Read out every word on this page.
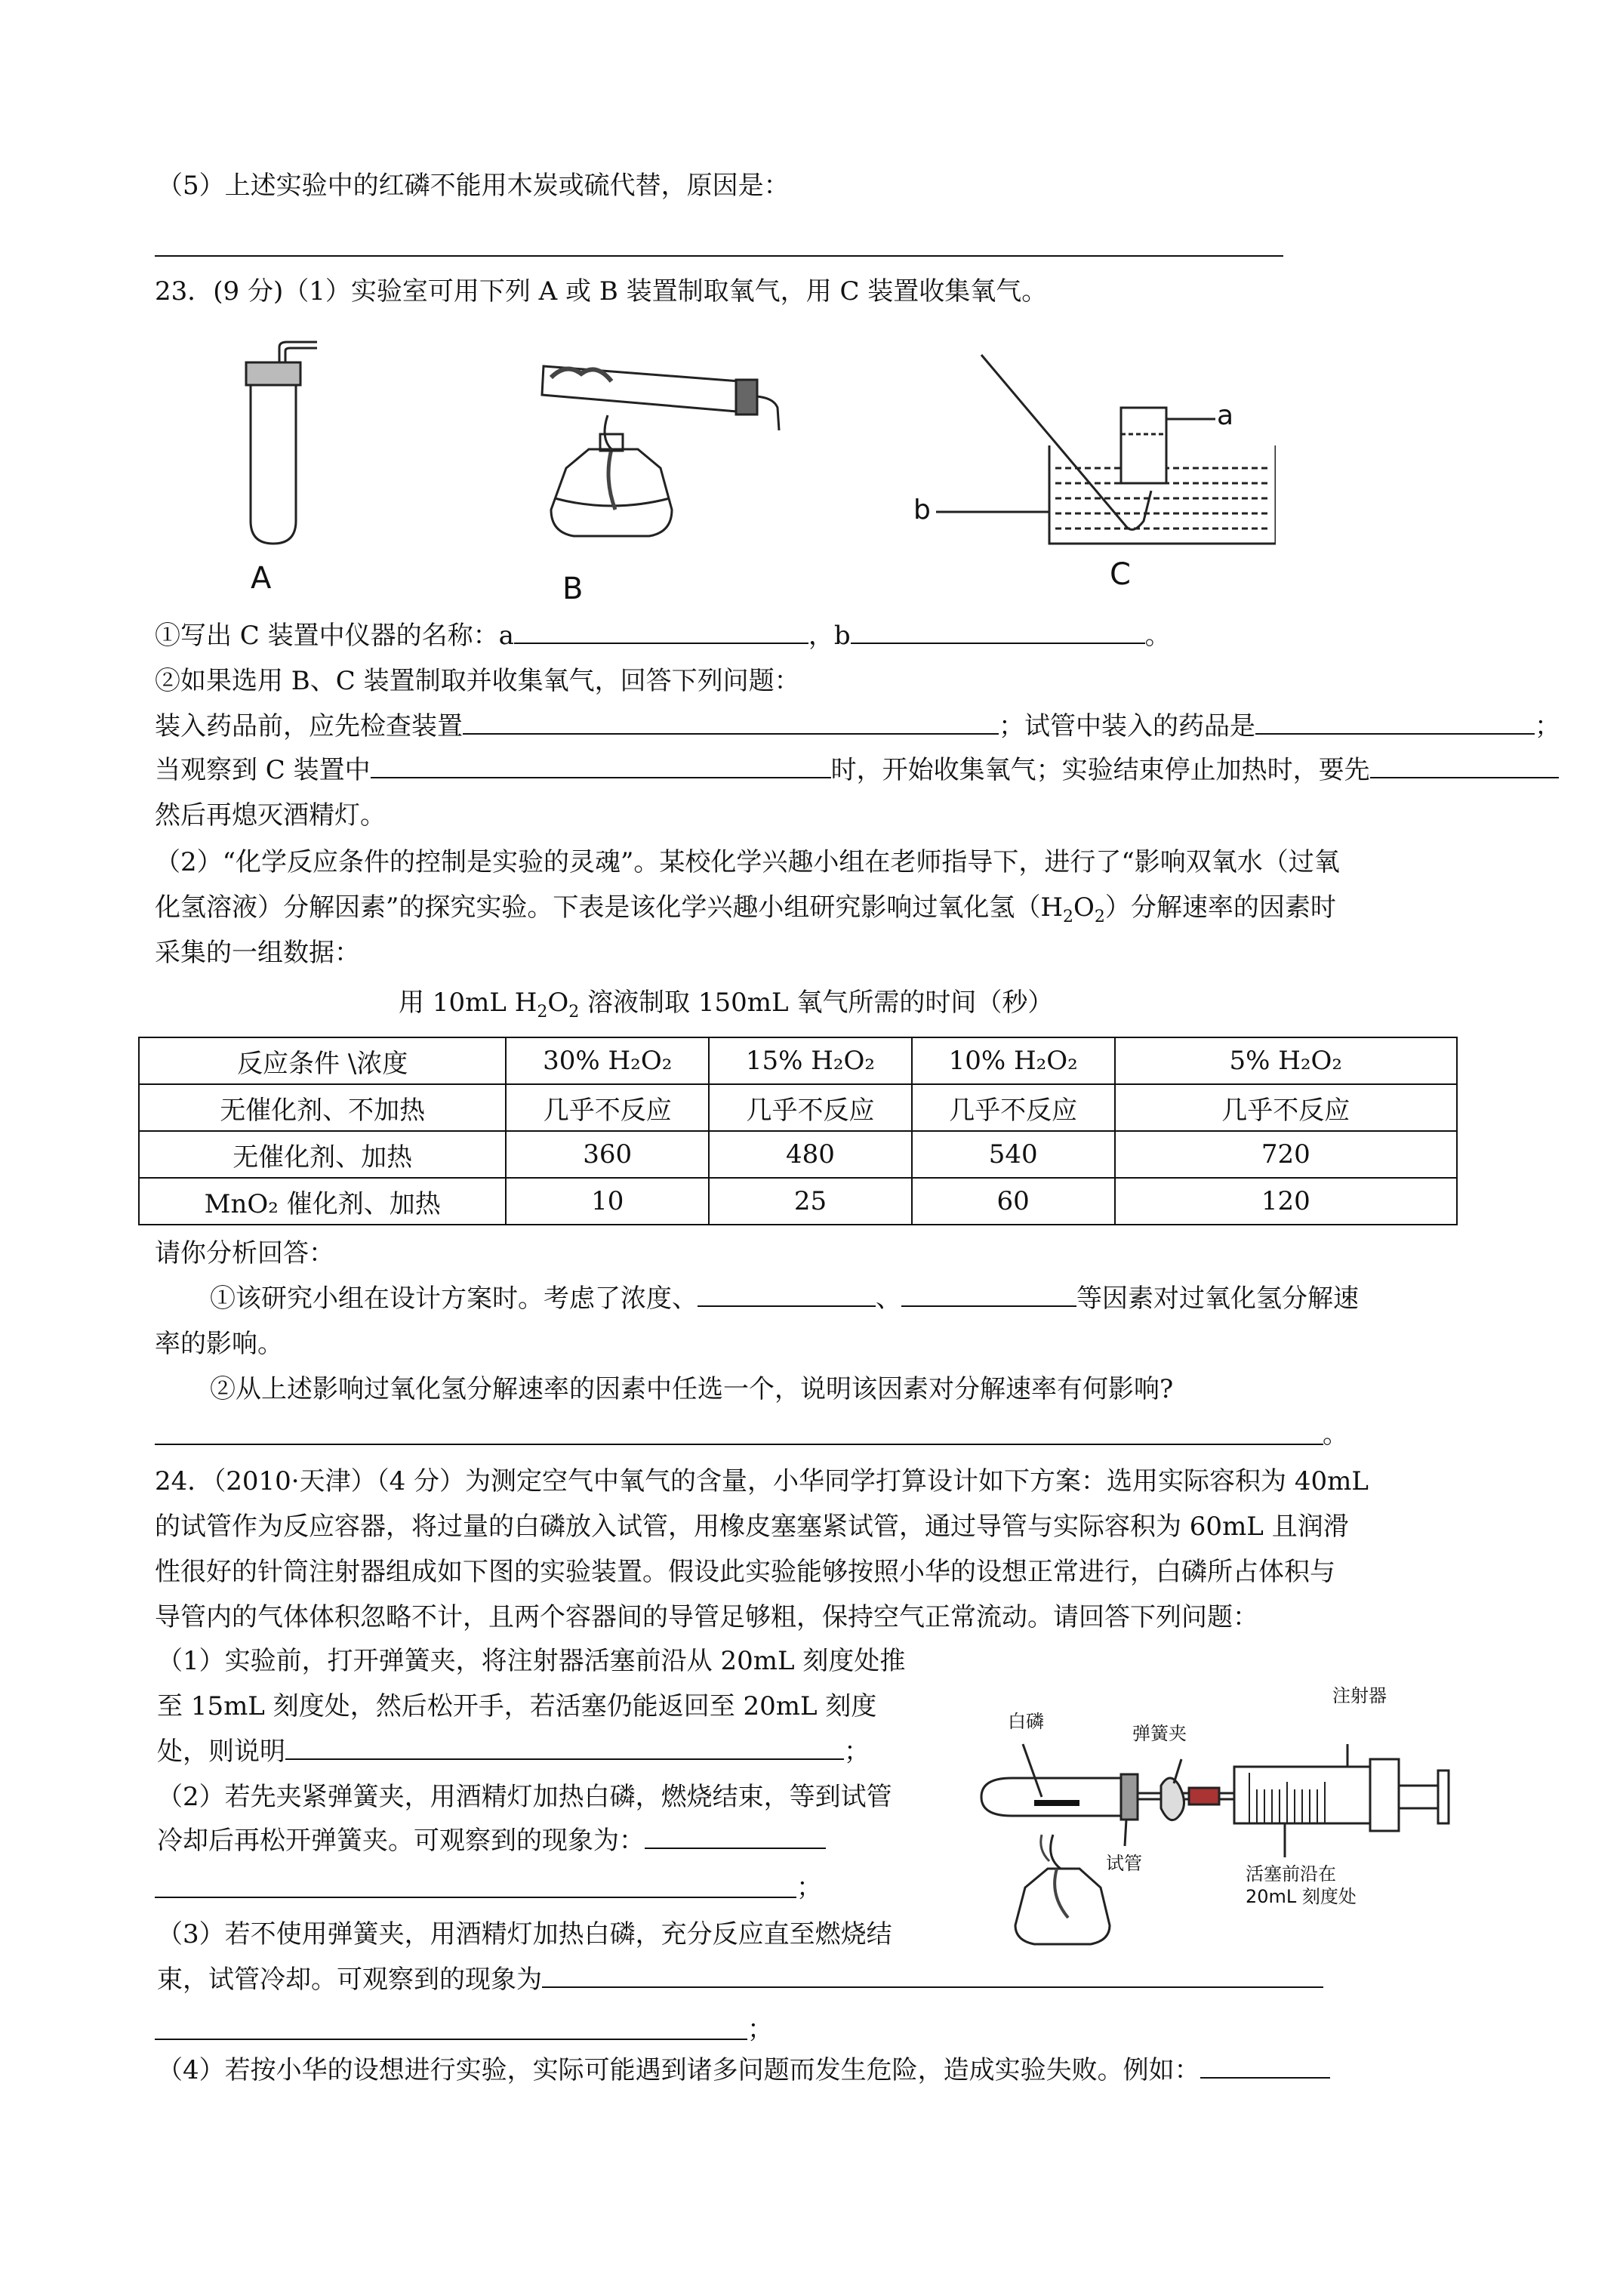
（5）上述实验中的红磷不能用木炭或硫代替，原因是：
23．(9 分)（1）实验室可用下列 A 或 B 装置制取氧气，用 C 装置收集氧气。
A	B	C
a
b
①写出 C 装置中仪器的名称：a	，b	。
②如果选用 B、C 装置制取并收集氧气，回答下列问题：
装入药品前，应先检查装置	；试管中装入的药品是	；
当观察到 C 装置中	时，开始收集氧气；实验结束停止加热时，要先
然后再熄灭酒精灯。
（2）“化学反应条件的控制是实验的灵魂”。某校化学兴趣小组在老师指导下，进行了“影响双氧水（过氧
化氢溶液）分解因素”的探究实验。下表是该化学兴趣小组研究影响过氧化氢$(H_2O_2)$分解速率的因素时
采集的一组数据：
用 10mL $H_2O_2$ 溶液制取 150mL 氧气所需的时间（秒）
反应条件 \浓度	30% H₂O₂	15% H₂O₂	10% H₂O₂	5% H₂O₂
无催化剂、不加热	几乎不反应	几乎不反应	几乎不反应	几乎不反应
无催化剂、加热	360	480	540	720
MnO₂ 催化剂、加热	10	25	60	120
请你分析回答：
①该研究小组在设计方案时。考虑了浓度、	、	等因素对过氧化氢分解速
率的影响。
②从上述影响过氧化氢分解速率的因素中任选一个，说明该因素对分解速率有何影响?
。
24．（2010·天津）（4 分）为测定空气中氧气的含量，小华同学打算设计如下方案：选用实际容积为 40mL
的试管作为反应容器，将过量的白磷放入试管，用橡皮塞塞紧试管，通过导管与实际容积为 60mL 且润滑
性很好的针筒注射器组成如下图的实验装置。假设此实验能够按照小华的设想正常进行，白磷所占体积与
导管内的气体体积忽略不计，且两个容器间的导管足够粗，保持空气正常流动。请回答下列问题：
（1）实验前，打开弹簧夹，将注射器活塞前沿从 20mL 刻度处推
至 15mL 刻度处，然后松开手，若活塞仍能返回至 20mL 刻度
处，则说明	；
（2）若先夹紧弹簧夹，用酒精灯加热白磷，燃烧结束，等到试管
冷却后再松开弹簧夹。可观察到的现象为：
；
（3）若不使用弹簧夹，用酒精灯加热白磷，充分反应直至燃烧结
束，试管冷却。可观察到的现象为
；
（4）若按小华的设想进行实验，实际可能遇到诸多问题而发生危险，造成实验失败。例如：
注射器
白磷
弹簧夹
试管	活塞前沿在
20mL 刻度处
